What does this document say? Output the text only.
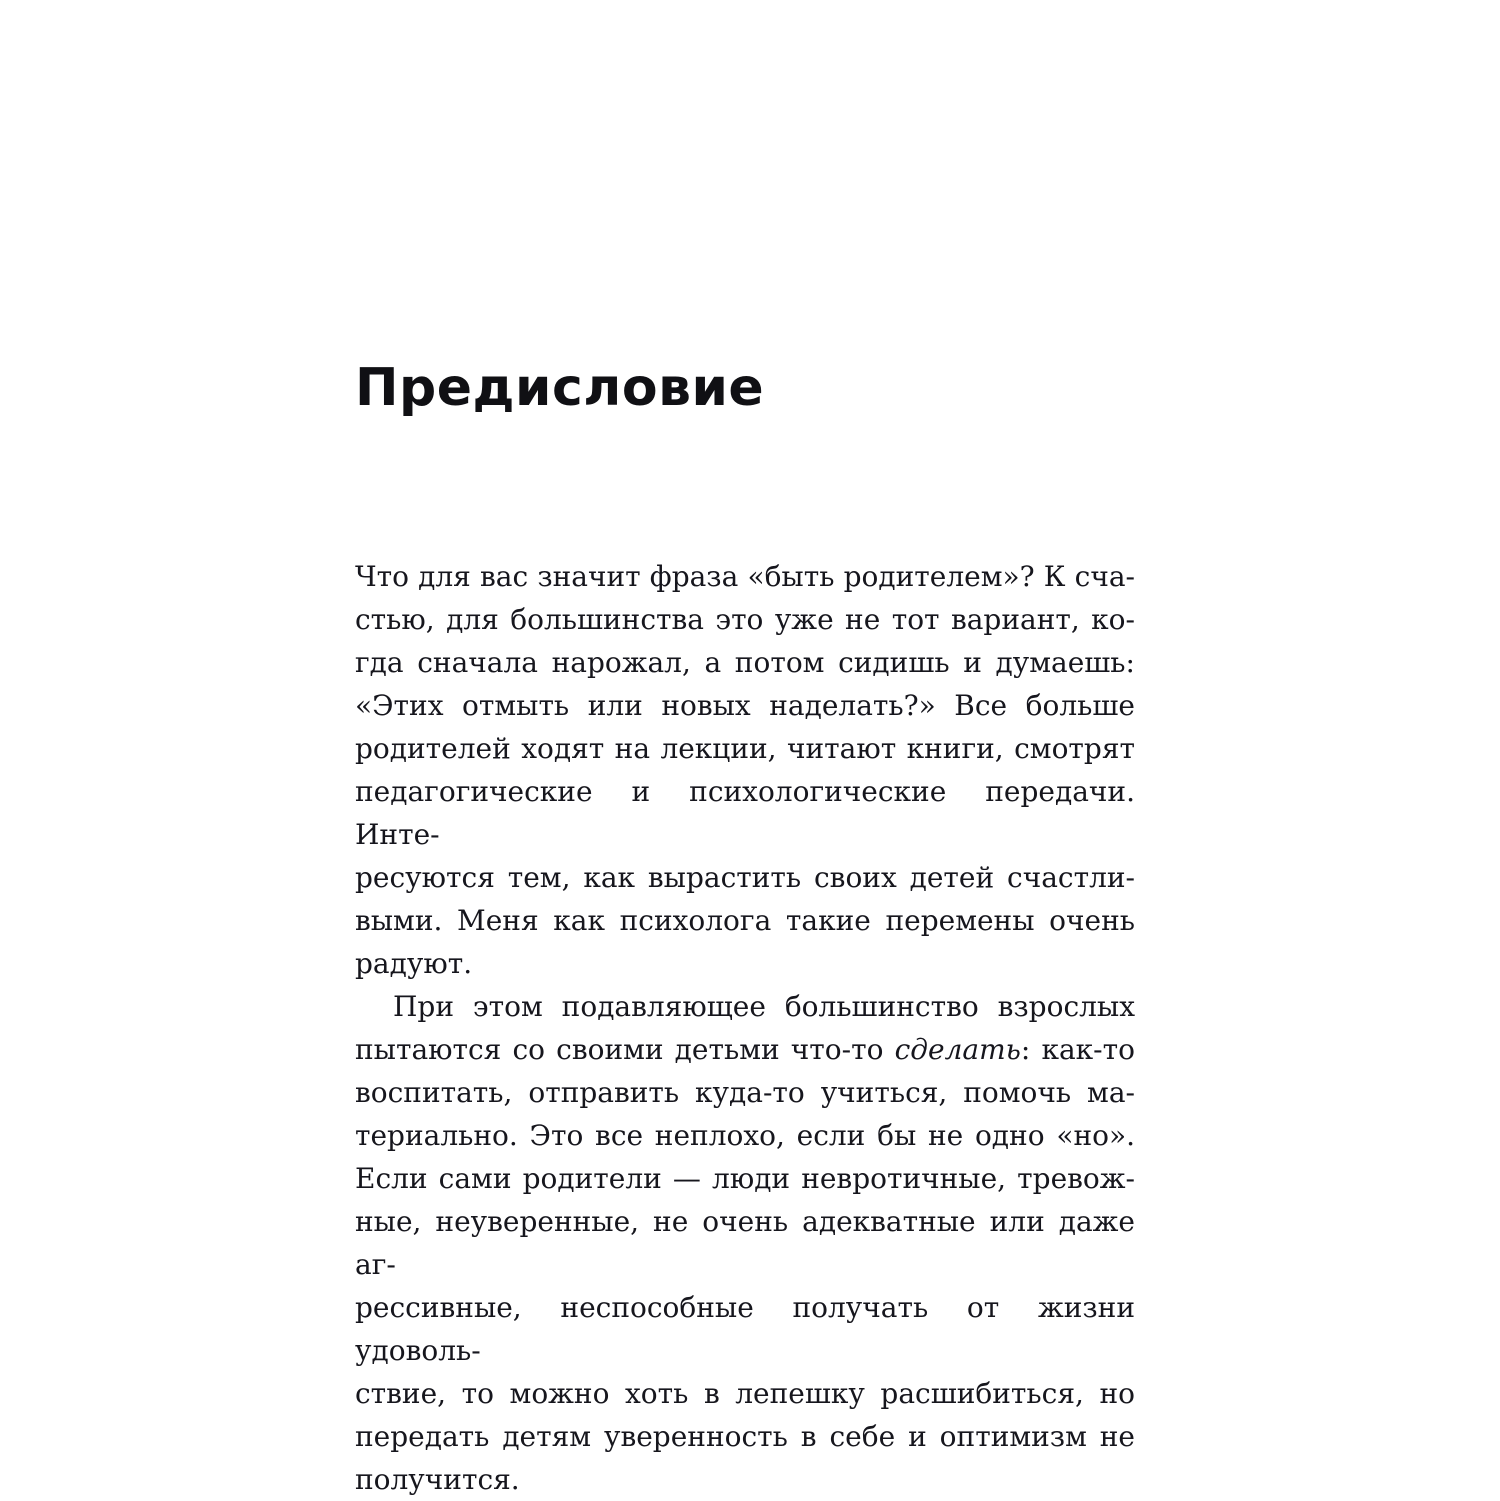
Предисловие
Что для вас значит фраза «быть родителем»? К сча-
стью, для большинства это уже не тот вариант, ко-
гда сначала нарожал, а потом сидишь и думаешь:
«Этих отмыть или новых наделать?» Все больше
родителей ходят на лекции, читают книги, смотрят
педагогические и психологические передачи. Инте-
ресуются тем, как вырастить своих детей счастли-
выми. Меня как психолога такие перемены очень
радуют.
При этом подавляющее большинство взрослых
пытаются со своими детьми что-то сделать: как-то
воспитать, отправить куда-то учиться, помочь ма-
териально. Это все неплохо, если бы не одно «но».
Если сами родители — люди невротичные, тревож-
ные, неуверенные, не очень адекватные или даже аг-
рессивные, неспособные получать от жизни удоволь-
ствие, то можно хоть в лепешку расшибиться, но
передать детям уверенность в себе и оптимизм не
получится.
